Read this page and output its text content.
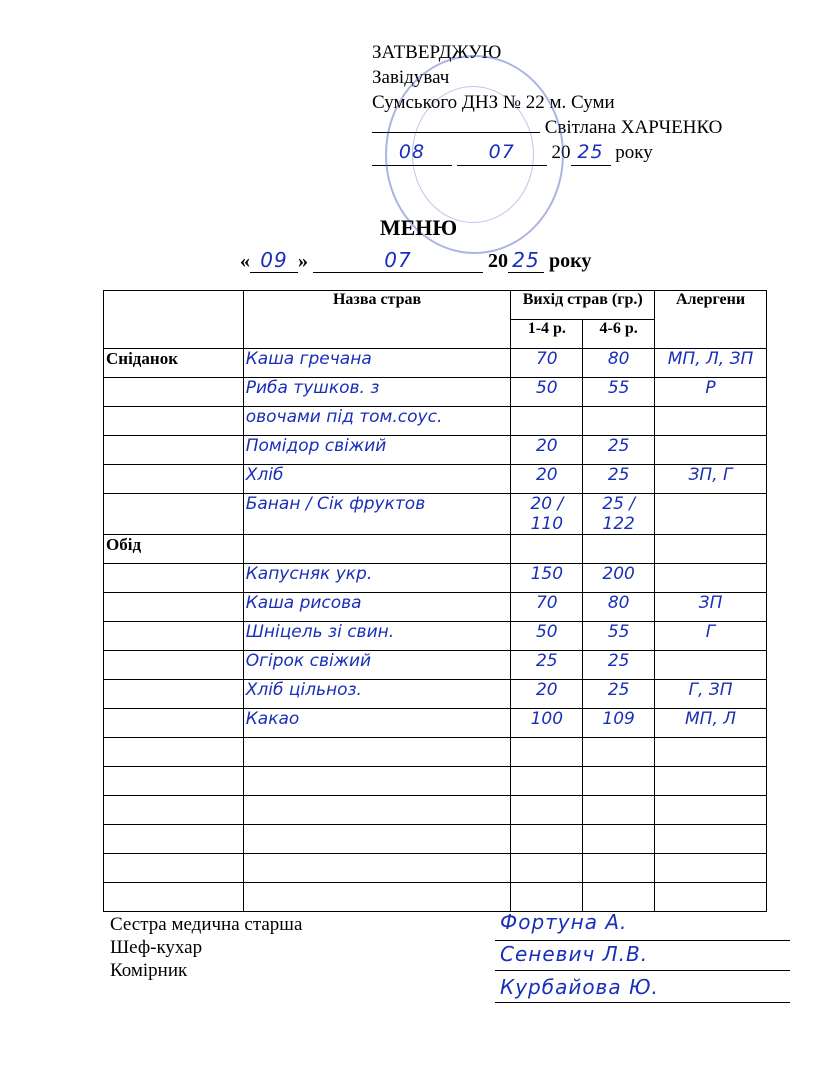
ЗАТВЕРДЖУЮ
Завідувач
Сумського ДНЗ № 22 м. Суми
Світлана ХАРЧЕНКО
08	07 20 25 року
МЕНЮ
« 09 »	07	20 25 року
	Назва страв	Вихід страв (гр.)		Алергени
		1-4 р.	4-6 р.	
Сніданок	Каша гречана	70	80	МП, Л, ЗП
	Риба тушков. з	50	55	Р
	овочами під том.соус.			
	Помідор свіжий	20	25	
	Хліб	20	25	ЗП, Г
	Банан / Сік фруктов	20 / 110	25 / 122	
Обід				
	Капусняк укр.	150	200	
	Каша рисова	70	80	ЗП
	Шніцель зі свин.	50	55	Г
	Огірок свіжий	25	25	
	Хліб цільноз.	20	25	Г, ЗП
	Какао	100	109	МП, Л

Сестра медична старша
Шеф-кухар
Комірник
Фортуна А.
Сеневич Л.В.
Курбайова Ю.
